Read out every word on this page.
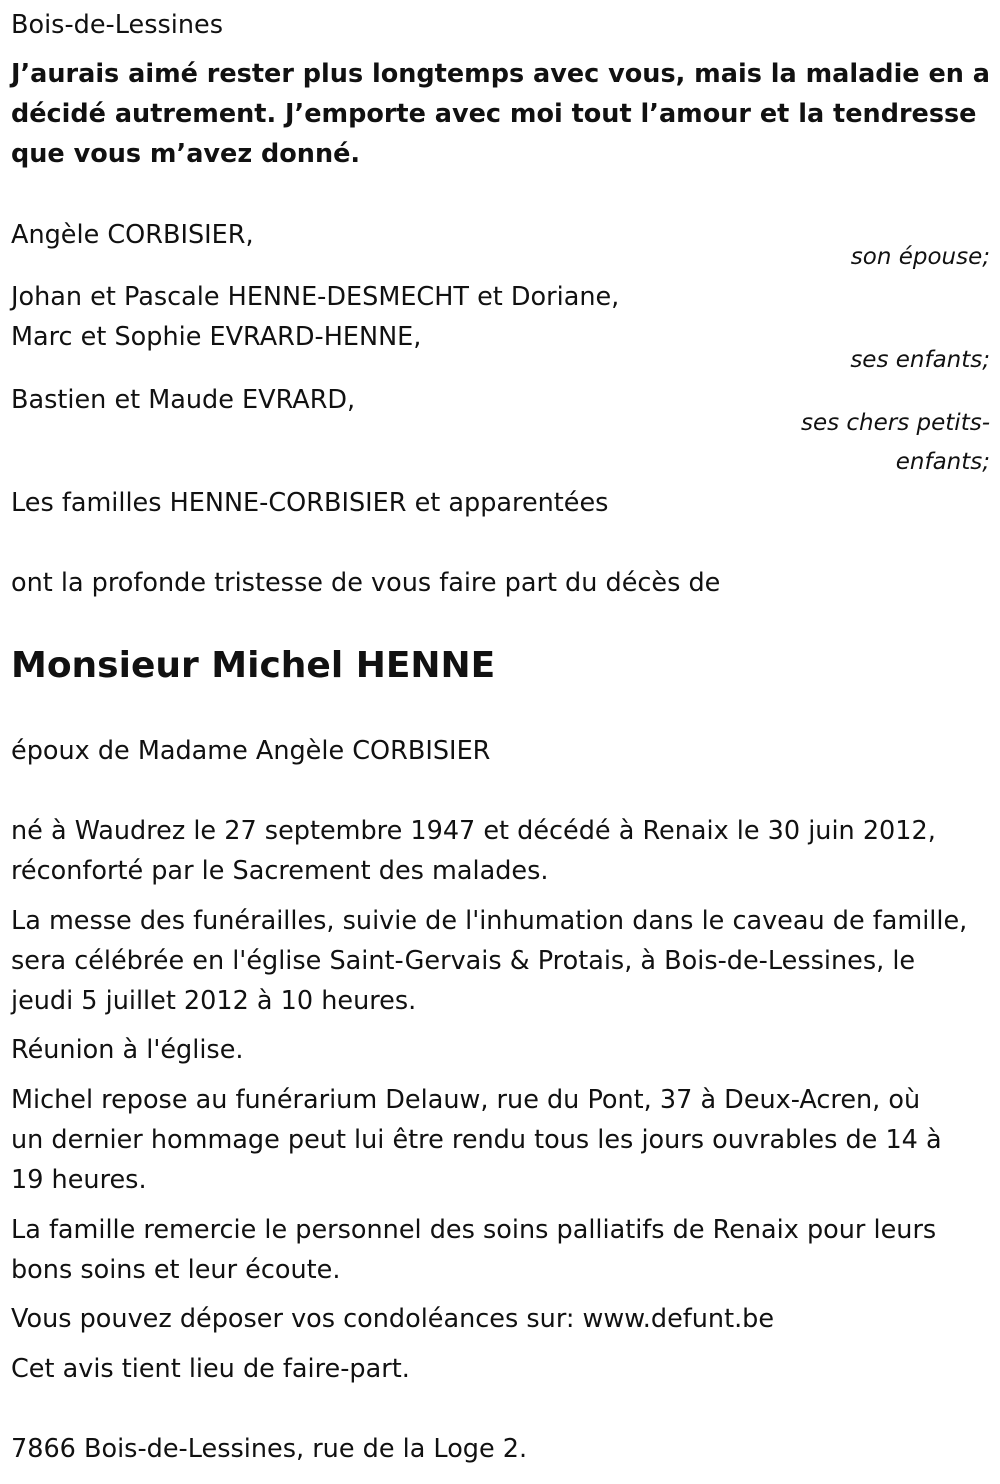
Bois-de-Lessines

J’aurais aimé rester plus longtemps avec vous, mais la maladie en a

décidé autrement. J’emporte avec moi tout l’amour et la tendresse

que vous m’avez donné.

Angèle CORBISIER,

son épouse;

Johan et Pascale HENNE-DESMECHT et Doriane,

Marc et Sophie EVRARD-HENNE,

ses enfants;

Bastien et Maude EVRARD,

ses chers petits-

enfants;

Les familles HENNE-CORBISIER et apparentées

ont la profonde tristesse de vous faire part du décès de

Monsieur Michel HENNE

époux de Madame Angèle CORBISIER

né à Waudrez le 27 septembre 1947 et décédé à Renaix le 30 juin 2012,

réconforté par le Sacrement des malades.

La messe des funérailles, suivie de l'inhumation dans le caveau de famille,

sera célébrée en l'église Saint-Gervais & Protais, à Bois-de-Lessines, le

jeudi 5 juillet 2012 à 10 heures.

Réunion à l'église.

Michel repose au funérarium Delauw, rue du Pont, 37 à Deux-Acren, où

un dernier hommage peut lui être rendu tous les jours ouvrables de 14 à

19 heures.

La famille remercie le personnel des soins palliatifs de Renaix pour leurs

bons soins et leur écoute.

Vous pouvez déposer vos condoléances sur: www.defunt.be

Cet avis tient lieu de faire-part.

7866 Bois-de-Lessines, rue de la Loge 2.
